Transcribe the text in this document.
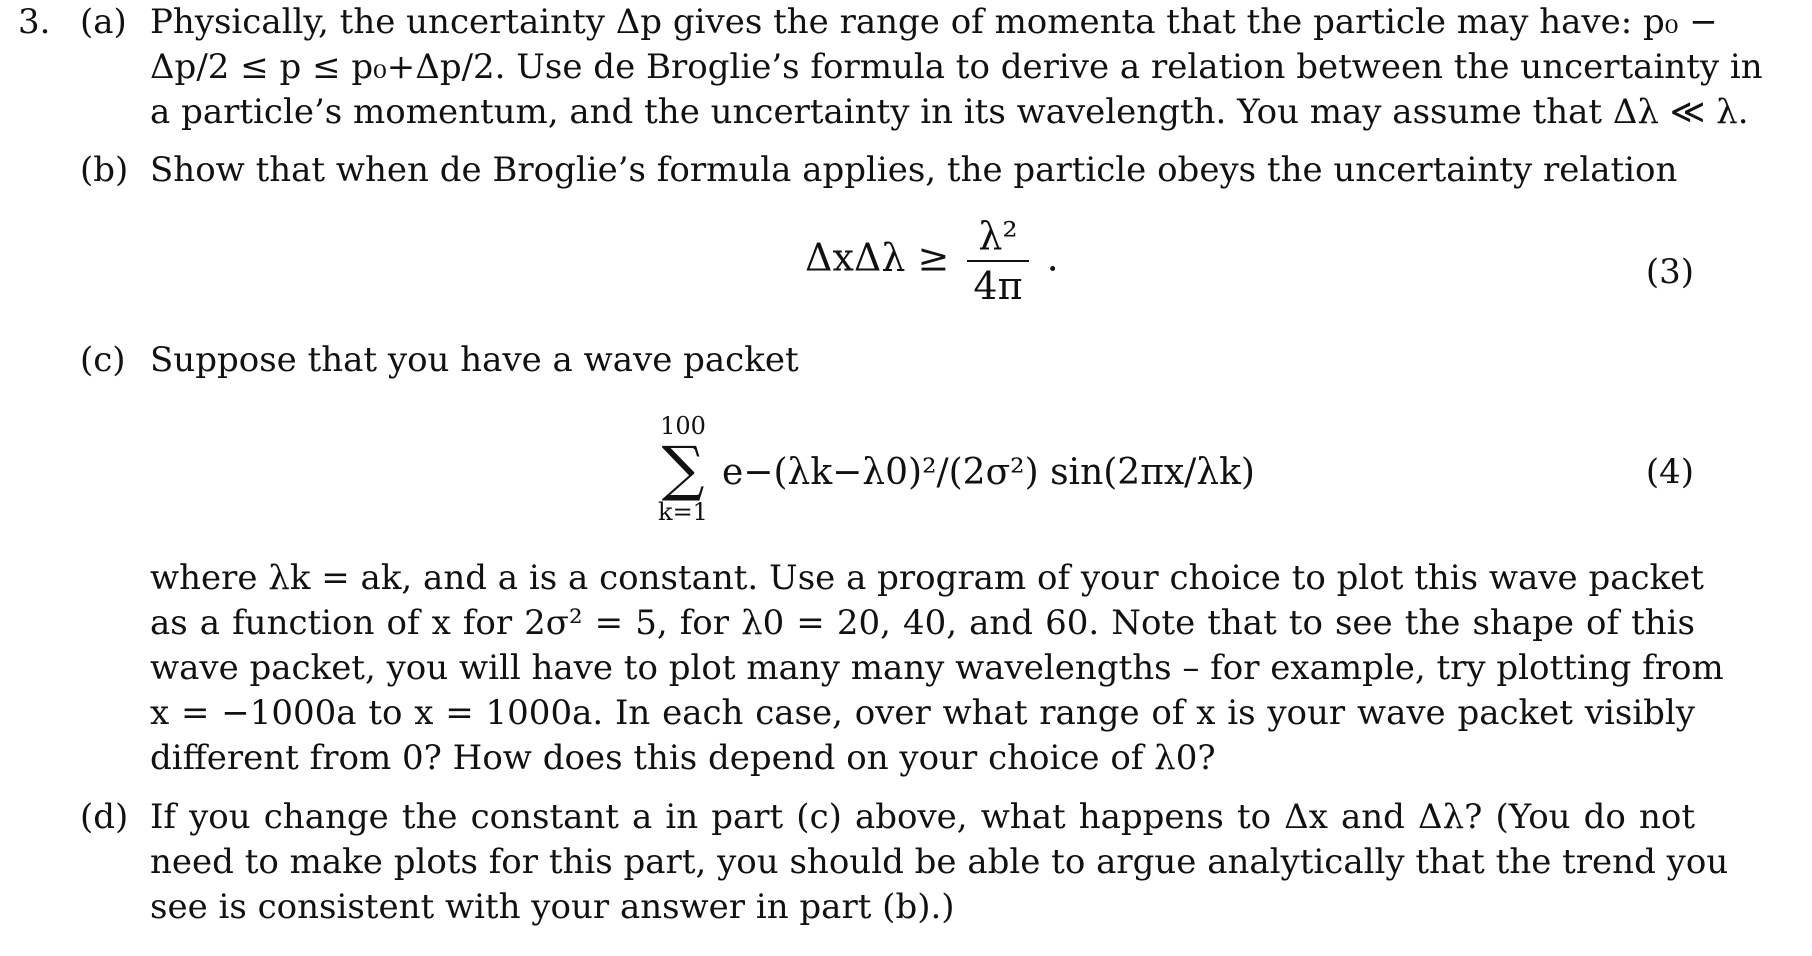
3. (a) Physically, the uncertainty Δp gives the range of momenta that the particle may have: p₀ −
Δp/2 ≤ p ≤ p₀+Δp/2. Use de Broglie’s formula to derive a relation between the uncertainty in
a particle’s momentum, and the uncertainty in its wavelength. You may assume that Δλ ≪ λ.
(b) Show that when de Broglie’s formula applies, the particle obeys the uncertainty relation
$\Delta x\Delta\lambda \ge \frac{\text{λ²}}{4\pi}$ .	(3)
(c) Suppose that you have a wave packet
100
∑
k=1
e−(λk−λ0)²/(2σ²) sin(2πx/λk)	(4)
where λk = ak, and a is a constant. Use a program of your choice to plot this wave packet
as a function of x for 2σ² = 5, for λ0 = 20, 40, and 60. Note that to see the shape of this
wave packet, you will have to plot many many wavelengths – for example, try plotting from
x = −1000a to x = 1000a. In each case, over what range of x is your wave packet visibly
different from 0? How does this depend on your choice of λ0?
(d) If you change the constant a in part (c) above, what happens to Δx and Δλ? (You do not
need to make plots for this part, you should be able to argue analytically that the trend you
see is consistent with your answer in part (b).)
